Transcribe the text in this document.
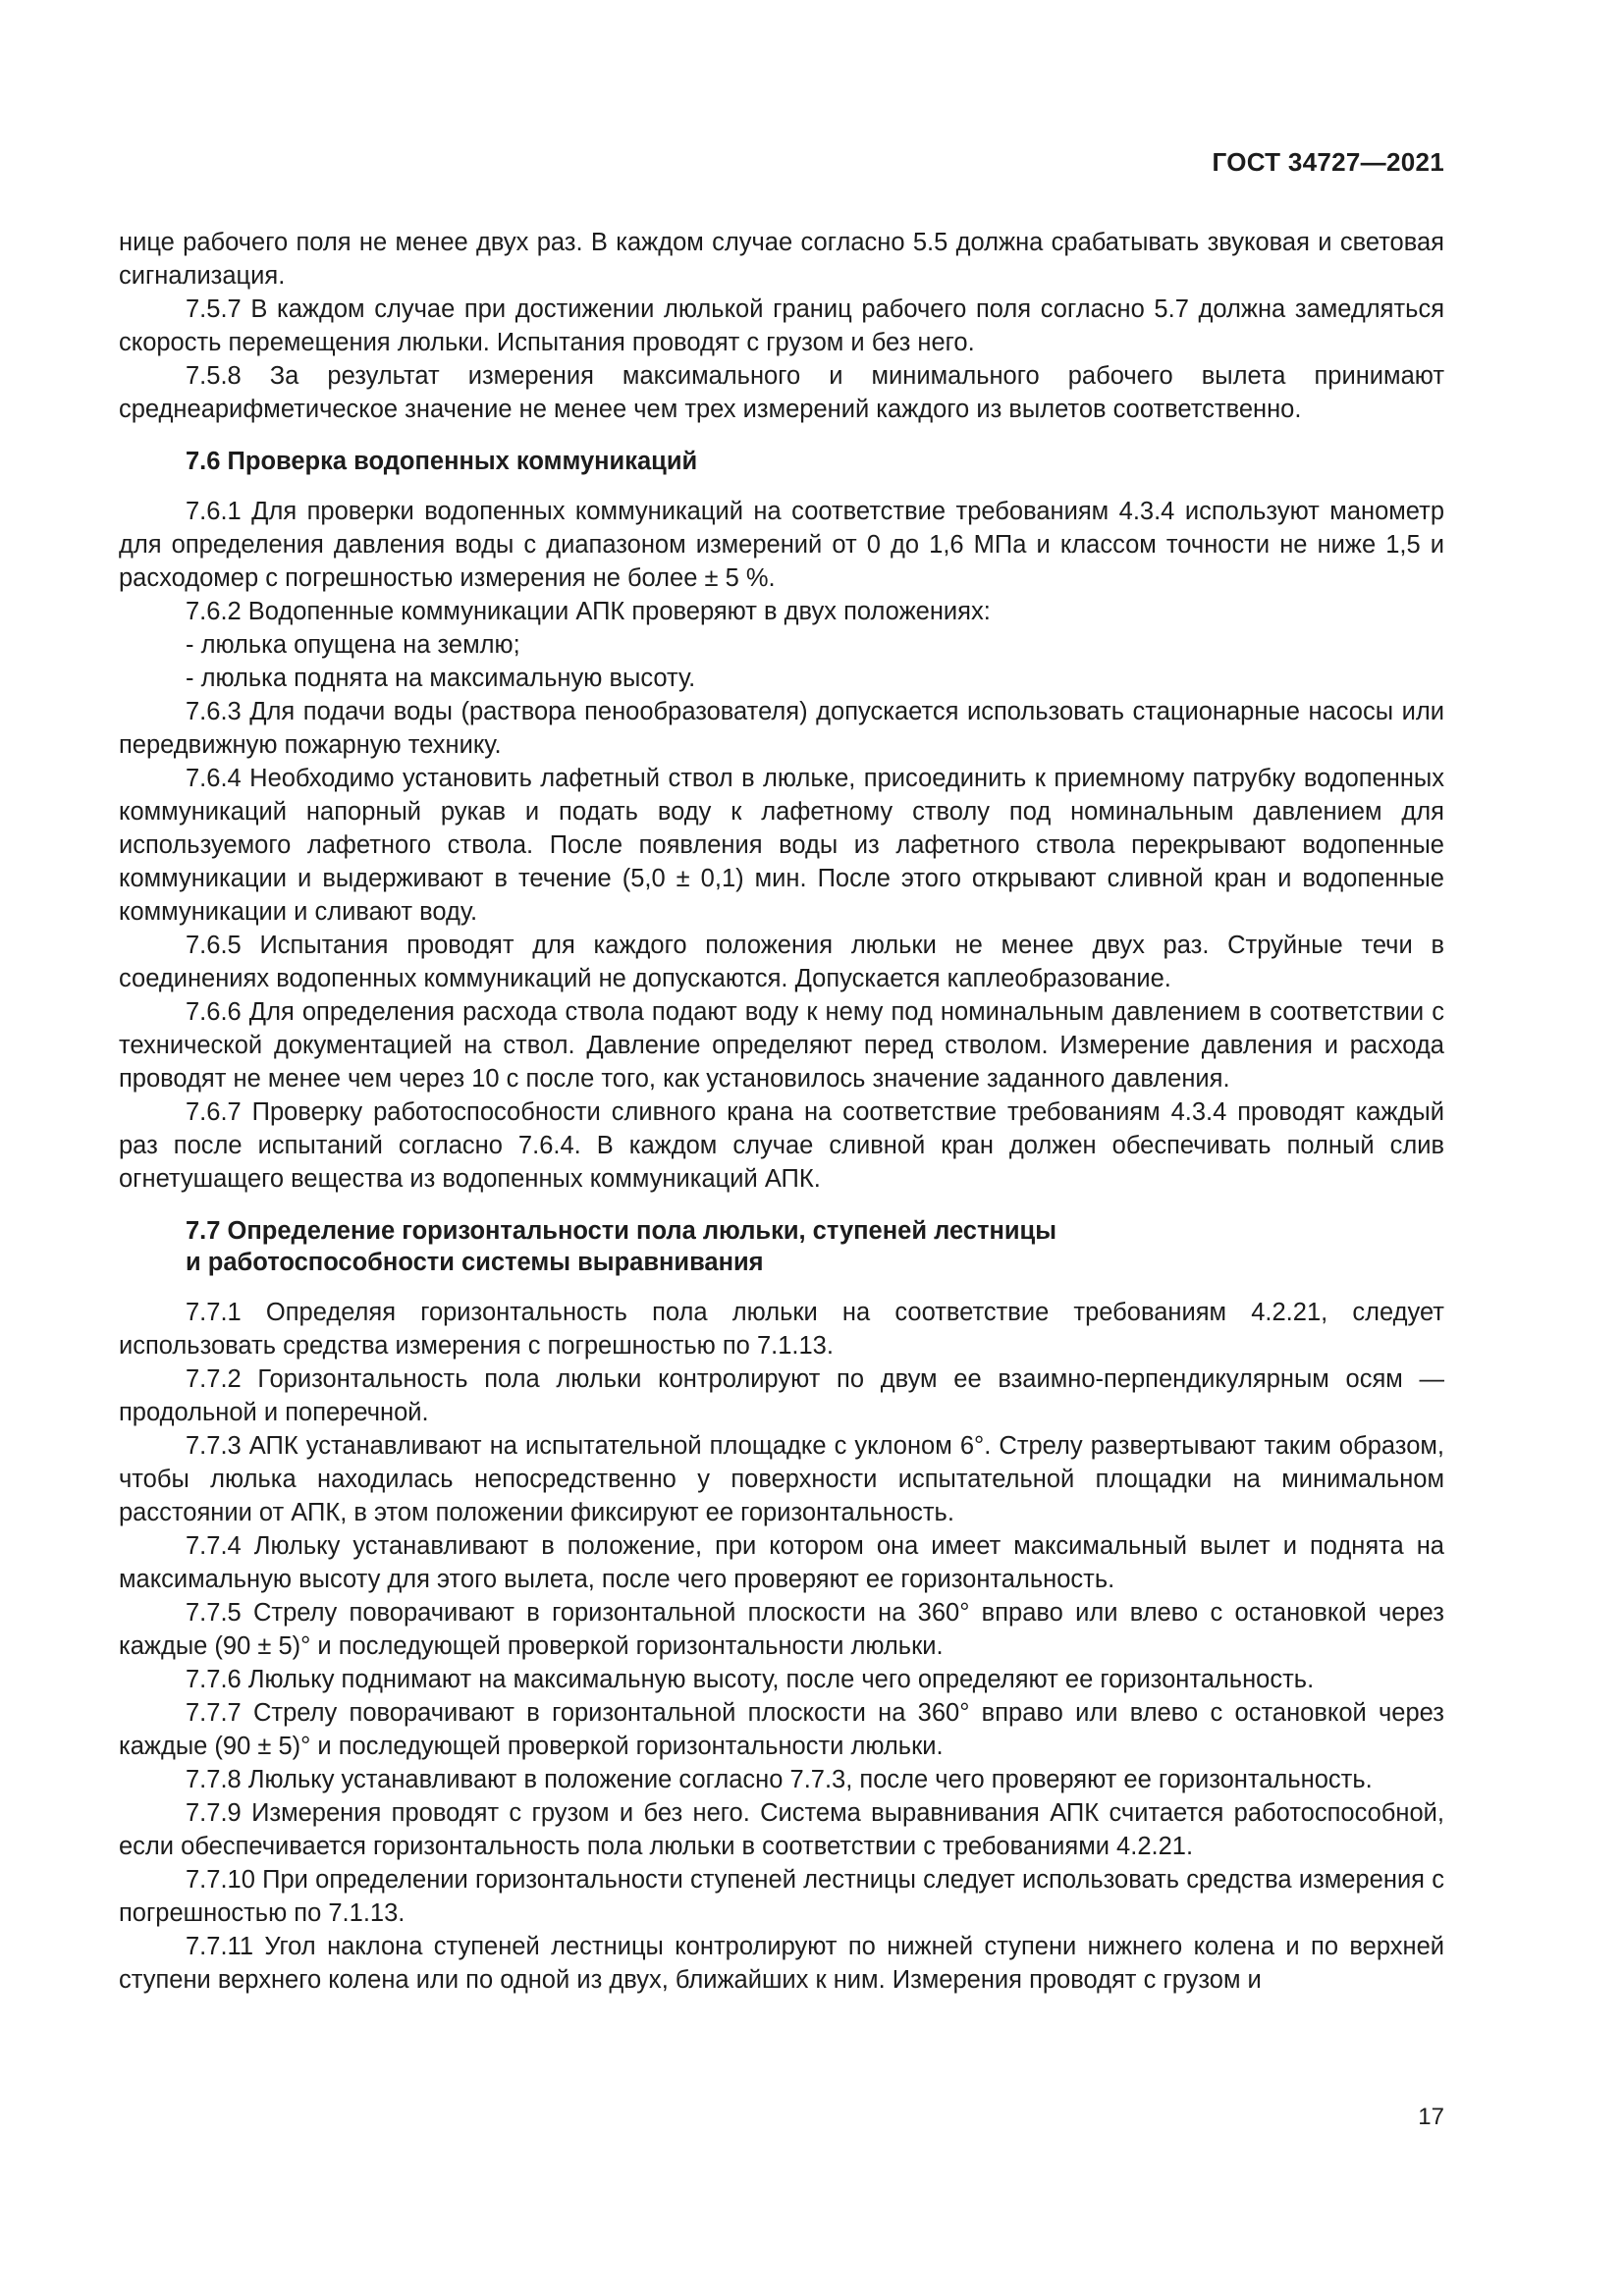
ГОСТ 34727—2021

нице рабочего поля не менее двух раз. В каждом случае согласно 5.5 должна срабатывать звуковая и световая сигнализация.

7.5.7 В каждом случае при достижении люлькой границ рабочего поля согласно 5.7 должна замедляться скорость перемещения люльки. Испытания проводят с грузом и без него.

7.5.8 За результат измерения максимального и минимального рабочего вылета принимают среднеарифметическое значение не менее чем трех измерений каждого из вылетов соответственно.

7.6 Проверка водопенных коммуникаций

7.6.1 Для проверки водопенных коммуникаций на соответствие требованиям 4.3.4 используют манометр для определения давления воды с диапазоном измерений от 0 до 1,6 МПа и классом точности не ниже 1,5 и расходомер с погрешностью измерения не более ± 5 %.

7.6.2 Водопенные коммуникации АПК проверяют в двух положениях:

- люлька опущена на землю;

- люлька поднята на максимальную высоту.

7.6.3 Для подачи воды (раствора пенообразователя) допускается использовать стационарные насосы или передвижную пожарную технику.

7.6.4 Необходимо установить лафетный ствол в люльке, присоединить к приемному патрубку водопенных коммуникаций напорный рукав и подать воду к лафетному стволу под номинальным давлением для используемого лафетного ствола. После появления воды из лафетного ствола перекрывают водопенные коммуникации и выдерживают в течение (5,0 ± 0,1) мин. После этого открывают сливной кран и водопенные коммуникации и сливают воду.

7.6.5 Испытания проводят для каждого положения люльки не менее двух раз. Струйные течи в соединениях водопенных коммуникаций не допускаются. Допускается каплеобразование.

7.6.6 Для определения расхода ствола подают воду к нему под номинальным давлением в соответствии с технической документацией на ствол. Давление определяют перед стволом. Измерение давления и расхода проводят не менее чем через 10 с после того, как установилось значение заданного давления.

7.6.7 Проверку работоспособности сливного крана на соответствие требованиям 4.3.4 проводят каждый раз после испытаний согласно 7.6.4. В каждом случае сливной кран должен обеспечивать полный слив огнетушащего вещества из водопенных коммуникаций АПК.

7.7 Определение горизонтальности пола люльки, ступеней лестницы
и работоспособности системы выравнивания

7.7.1 Определяя горизонтальность пола люльки на соответствие требованиям 4.2.21, следует использовать средства измерения с погрешностью по 7.1.13.

7.7.2 Горизонтальность пола люльки контролируют по двум ее взаимно-перпендикулярным осям — продольной и поперечной.

7.7.3 АПК устанавливают на испытательной площадке с уклоном 6°. Стрелу развертывают таким образом, чтобы люлька находилась непосредственно у поверхности испытательной площадки на минимальном расстоянии от АПК, в этом положении фиксируют ее горизонтальность.

7.7.4 Люльку устанавливают в положение, при котором она имеет максимальный вылет и поднята на максимальную высоту для этого вылета, после чего проверяют ее горизонтальность.

7.7.5 Стрелу поворачивают в горизонтальной плоскости на 360° вправо или влево с остановкой через каждые (90 ± 5)° и последующей проверкой горизонтальности люльки.

7.7.6 Люльку поднимают на максимальную высоту, после чего определяют ее горизонтальность.

7.7.7 Стрелу поворачивают в горизонтальной плоскости на 360° вправо или влево с остановкой через каждые (90 ± 5)° и последующей проверкой горизонтальности люльки.

7.7.8 Люльку устанавливают в положение согласно 7.7.3, после чего проверяют ее горизонтальность.

7.7.9 Измерения проводят с грузом и без него. Система выравнивания АПК считается работоспособной, если обеспечивается горизонтальность пола люльки в соответствии с требованиями 4.2.21.

7.7.10 При определении горизонтальности ступеней лестницы следует использовать средства измерения с погрешностью по 7.1.13.

7.7.11 Угол наклона ступеней лестницы контролируют по нижней ступени нижнего колена и по верхней ступени верхнего колена или по одной из двух, ближайших к ним. Измерения проводят с грузом и

17
